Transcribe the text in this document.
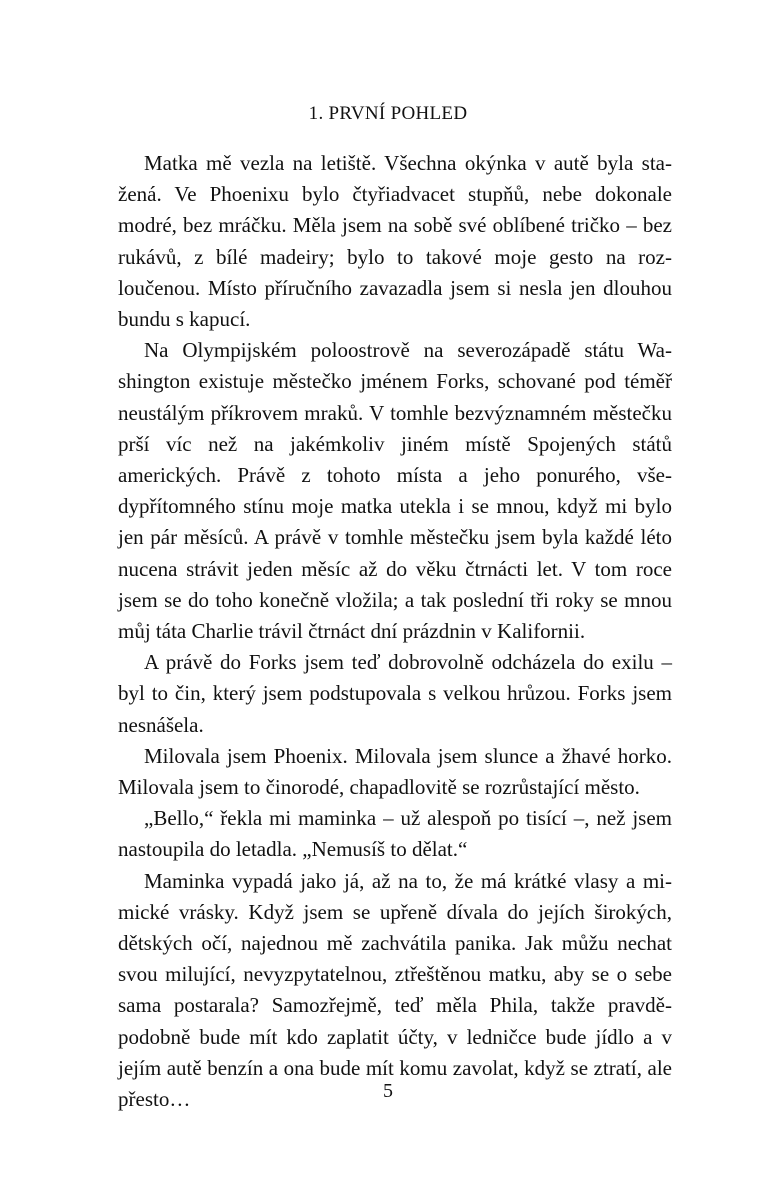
1. PRVNÍ POHLED

Matka mě vezla na letiště. Všechna okýnka v autě byla stažená. Ve Phoenixu bylo čtyřiadvacet stupňů, nebe dokonale modré, bez mráčku. Měla jsem na sobě své oblíbené tričko – bez rukávů, z bílé madeiry; bylo to takové moje gesto na rozloučenou. Místo příručního zavazadla jsem si nesla jen dlouhou bundu s kapucí.

Na Olympijském poloostrově na severozápadě státu Washington existuje městečko jménem Forks, schované pod téměř neustálým příkrovem mraků. V tomhle bezvýznamném městečku prší víc než na jakémkoliv jiném místě Spojených států amerických. Právě z tohoto místa a jeho ponurého, všedypřítomného stínu moje matka utekla i se mnou, když mi bylo jen pár měsíců. A právě v tomhle městečku jsem byla každé léto nucena strávit jeden měsíc až do věku čtrnácti let. V tom roce jsem se do toho konečně vložila; a tak poslední tři roky se mnou můj táta Charlie trávil čtrnáct dní prázdnin v Kalifornii.

A právě do Forks jsem teď dobrovolně odcházela do exilu – byl to čin, který jsem podstupovala s velkou hrůzou. Forks jsem nesnášela.

Milovala jsem Phoenix. Milovala jsem slunce a žhavé horko. Milovala jsem to činorodé, chapadlovitě se rozrůstající město.

„Bello,“ řekla mi maminka – už alespoň po tisící –, než jsem nastoupila do letadla. „Nemusíš to dělat.“

Maminka vypadá jako já, až na to, že má krátké vlasy a mimické vrásky. Když jsem se upřeně dívala do jejích širokých, dětských očí, najednou mě zachvátila panika. Jak můžu nechat svou milující, nevyzpytatelnou, ztřeštěnou matku, aby se o sebe sama postarala? Samozřejmě, teď měla Phila, takže pravděpodobně bude mít kdo zaplatit účty, v ledničce bude jídlo a v jejím autě benzín a ona bude mít komu zavolat, když se ztratí, ale přesto…	5
